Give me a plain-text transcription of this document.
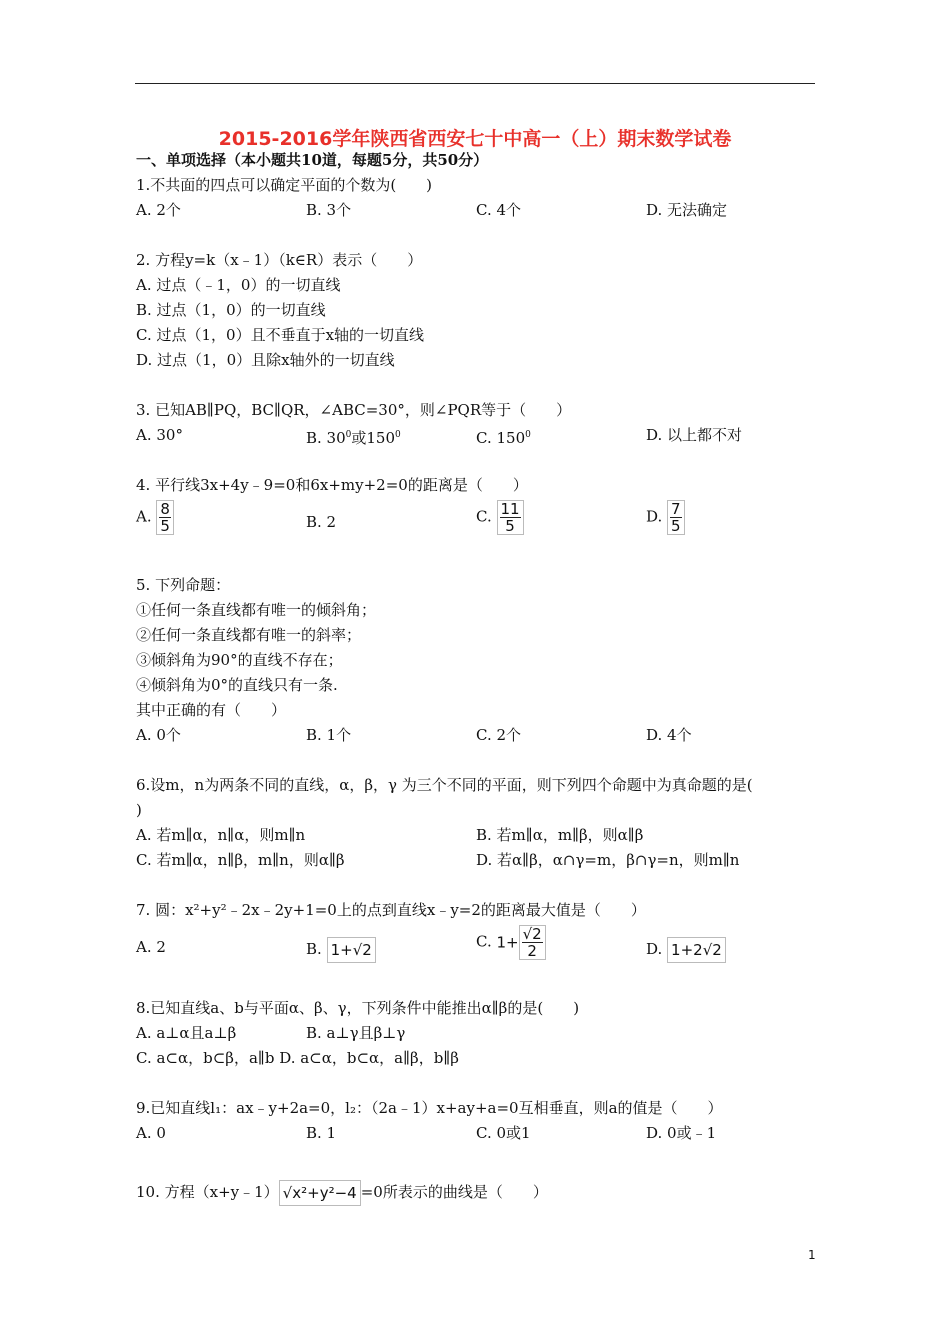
2015-2016学年陕西省西安七十中高一（上）期末数学试卷
一、单项选择（本小题共10道，每题5分，共50分）
1.不共面的四点可以确定平面的个数为(　　)
A. 2个	B. 3个	C. 4个	D. 无法确定
2. 方程y=k（x﹣1）（k∈R）表示（　　）
A. 过点（﹣1，0）的一切直线
B. 过点（1，0）的一切直线
C. 过点（1，0）且不垂直于x轴的一切直线
D. 过点（1，0）且除x轴外的一切直线
3. 已知AB∥PQ，BC∥QR，∠ABC=30°，则∠PQR等于（　　）
A. 30°	B. $30^0$或$150^0$	C. $150^0$	D. 以上都不对
4. 平行线3x+4y﹣9=0和6x+my+2=0的距离是（　　）
A. $\frac{8}{5}$	B. 2	C. $\frac{11}{5}$	D. $\frac{7}{5}$
5. 下列命题：
①任何一条直线都有唯一的倾斜角；
②任何一条直线都有唯一的斜率；
③倾斜角为90°的直线不存在；
④倾斜角为0°的直线只有一条.
其中正确的有（　　）
A. 0个	B. 1个	C. 2个	D. 4个
6.设m，n为两条不同的直线，α，β，γ 为三个不同的平面，则下列四个命题中为真命题的是(
)
A. 若m∥α，n∥α，则m∥n	B. 若m∥α，m∥β，则α∥β
C. 若m∥α，n∥β，m∥n，则α∥β	D. 若α∥β，α∩γ=m，β∩γ=n，则m∥n
7. 圆：x²+y²﹣2x﹣2y+1=0上的点到直线x﹣y=2的距离最大值是（　　）
A. 2	B. 1+√2	C. $1+ \frac{√2}{2}$	D. 1+2√2
8.已知直线a、b与平面α、β、γ，下列条件中能推出α∥β的是(　　)
A. a⊥α且a⊥β	B. a⊥γ且β⊥γ
C. a⊂α，b⊂β，a∥b D. a⊂α，b⊂α，a∥β，b∥β
9.已知直线l₁：ax﹣y+2a=0，l₂：（2a﹣1）x+ay+a=0互相垂直，则a的值是（　　）
A. 0	B. 1	C. 0或1	D. 0或﹣1
10. 方程（x+y﹣1） √x²+y²−4 =0所表示的曲线是（　　）
1
